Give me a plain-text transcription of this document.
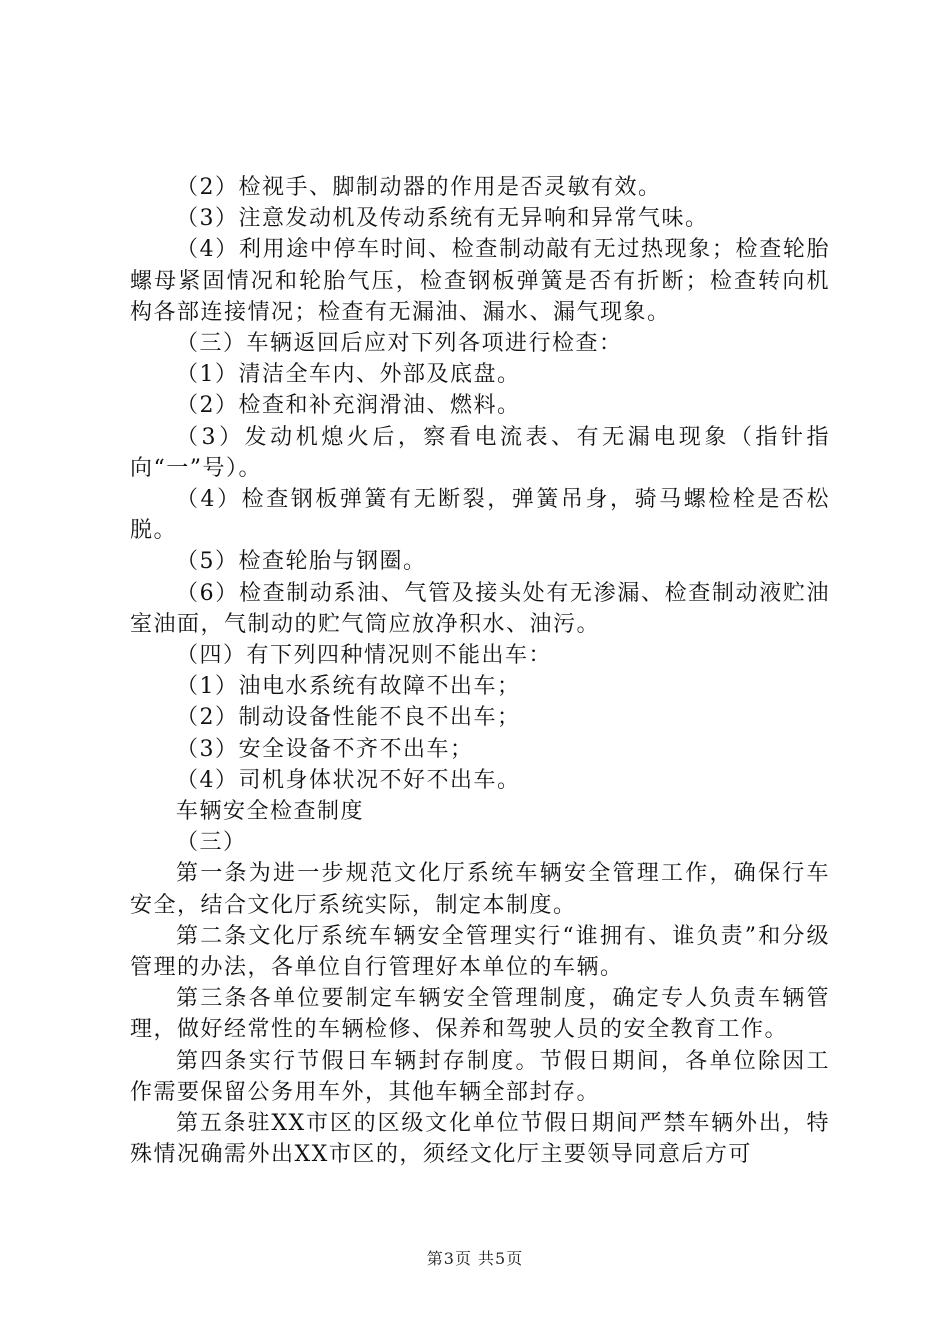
（2）检视手、脚制动器的作用是否灵敏有效。

（3）注意发动机及传动系统有无异响和异常气味。

（4）利用途中停车时间、检查制动敲有无过热现象；检查轮胎螺母紧固情况和轮胎气压，检查钢板弹簧是否有折断；检查转向机构各部连接情况；检查有无漏油、漏水、漏气现象。

（三）车辆返回后应对下列各项进行检查：

（1）清洁全车内、外部及底盘。

（2）检查和补充润滑油、燃料。

（3）发动机熄火后，察看电流表、有无漏电现象（指针指向“一”号）。

（4）检查钢板弹簧有无断裂，弹簧吊身，骑马螺检栓是否松脱。

（5）检查轮胎与钢圈。

（6）检查制动系油、气管及接头处有无渗漏、检查制动液贮油室油面，气制动的贮气筒应放净积水、油污。

（四）有下列四种情况则不能出车：

（1）油电水系统有故障不出车；

（2）制动设备性能不良不出车；

（3）安全设备不齐不出车；

（4）司机身体状况不好不出车。

车辆安全检查制度

（三）

第一条为进一步规范文化厅系统车辆安全管理工作，确保行车安全，结合文化厅系统实际，制定本制度。

第二条文化厅系统车辆安全管理实行“谁拥有、谁负责”和分级管理的办法，各单位自行管理好本单位的车辆。

第三条各单位要制定车辆安全管理制度，确定专人负责车辆管理，做好经常性的车辆检修、保养和驾驶人员的安全教育工作。

第四条实行节假日车辆封存制度。节假日期间，各单位除因工作需要保留公务用车外，其他车辆全部封存。

第五条驻XX市区的区级文化单位节假日期间严禁车辆外出，特殊情况确需外出XX市区的，须经文化厅主要领导同意后方可

第3页 共5页
